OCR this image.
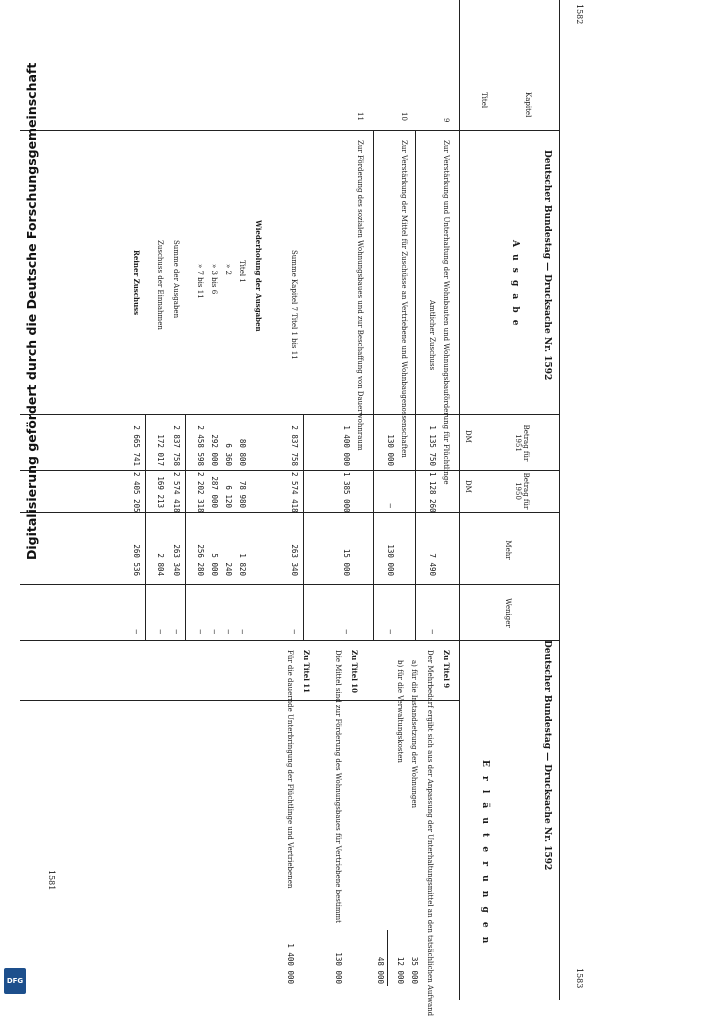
1582
Deutscher Bundestag — Drucksache Nr. 1592
Deutscher Bundestag — Drucksache Nr. 1592
1583
Kapitel
Titel
A u s g a b e
Betrag für 1951
Betrag für 1950
Mehr
Weniger
DM
DM
9
Zur Verstärkung und Unterhaltung der Wohnbauten und Wohnungsbauförderung für Flüchtlinge
Amtlicher Zuschuss
1 135 750
1 128 260
7 490
—
10
Zur Verstärkung der Mittel für Zuschüsse an Vertriebene und Wohnbaugenossenschaften
130 000
—
130 000
—
11
Zur Förderung des sozialen Wohnungsbaues und zur Beschaffung von Dauerwohnraum
1 400 000
1 385 000
15 000
—
Summe Kapitel 7 Titel 1 bis 11
2 837 758
2 574 418
263 340
—
Wiederholung der Ausgaben
Titel 1
80 800
78 980
1 820
—
» 2
6 360
6 120
240
—
» 3 bis 6
292 000
287 000
5 000
—
» 7 bis 11
2 458 598
2 202 318
256 280
—
Summe der Ausgaben
2 837 758
2 574 418
263 340
—
Zuschuss der Einnahmen
172 017
169 213
2 804
—
Reiner Zuschuss
2 665 741
2 405 205
260 536
—
E r l ä u t e r u n g e n
Zu Titel 9
Der Mehrbedarf ergibt sich aus der Anpassung der Unterhaltungsmittel an den tatsächlichen Aufwand
a) für die Instandsetzung der Wohnungen
35 000
b) für die Verwaltungskosten
12 000
48 000
Zu Titel 10
Die Mittel sind zur Förderung des Wohnungsbaues für Vertriebene bestimmt
130 000
Zu Titel 11
Für die dauernde Unterbringung der Flüchtlinge und Vertriebenen
1 400 000
Digitalisierung gefördert durch die Deutsche Forschungsgemeinschaft
1581
DFG
